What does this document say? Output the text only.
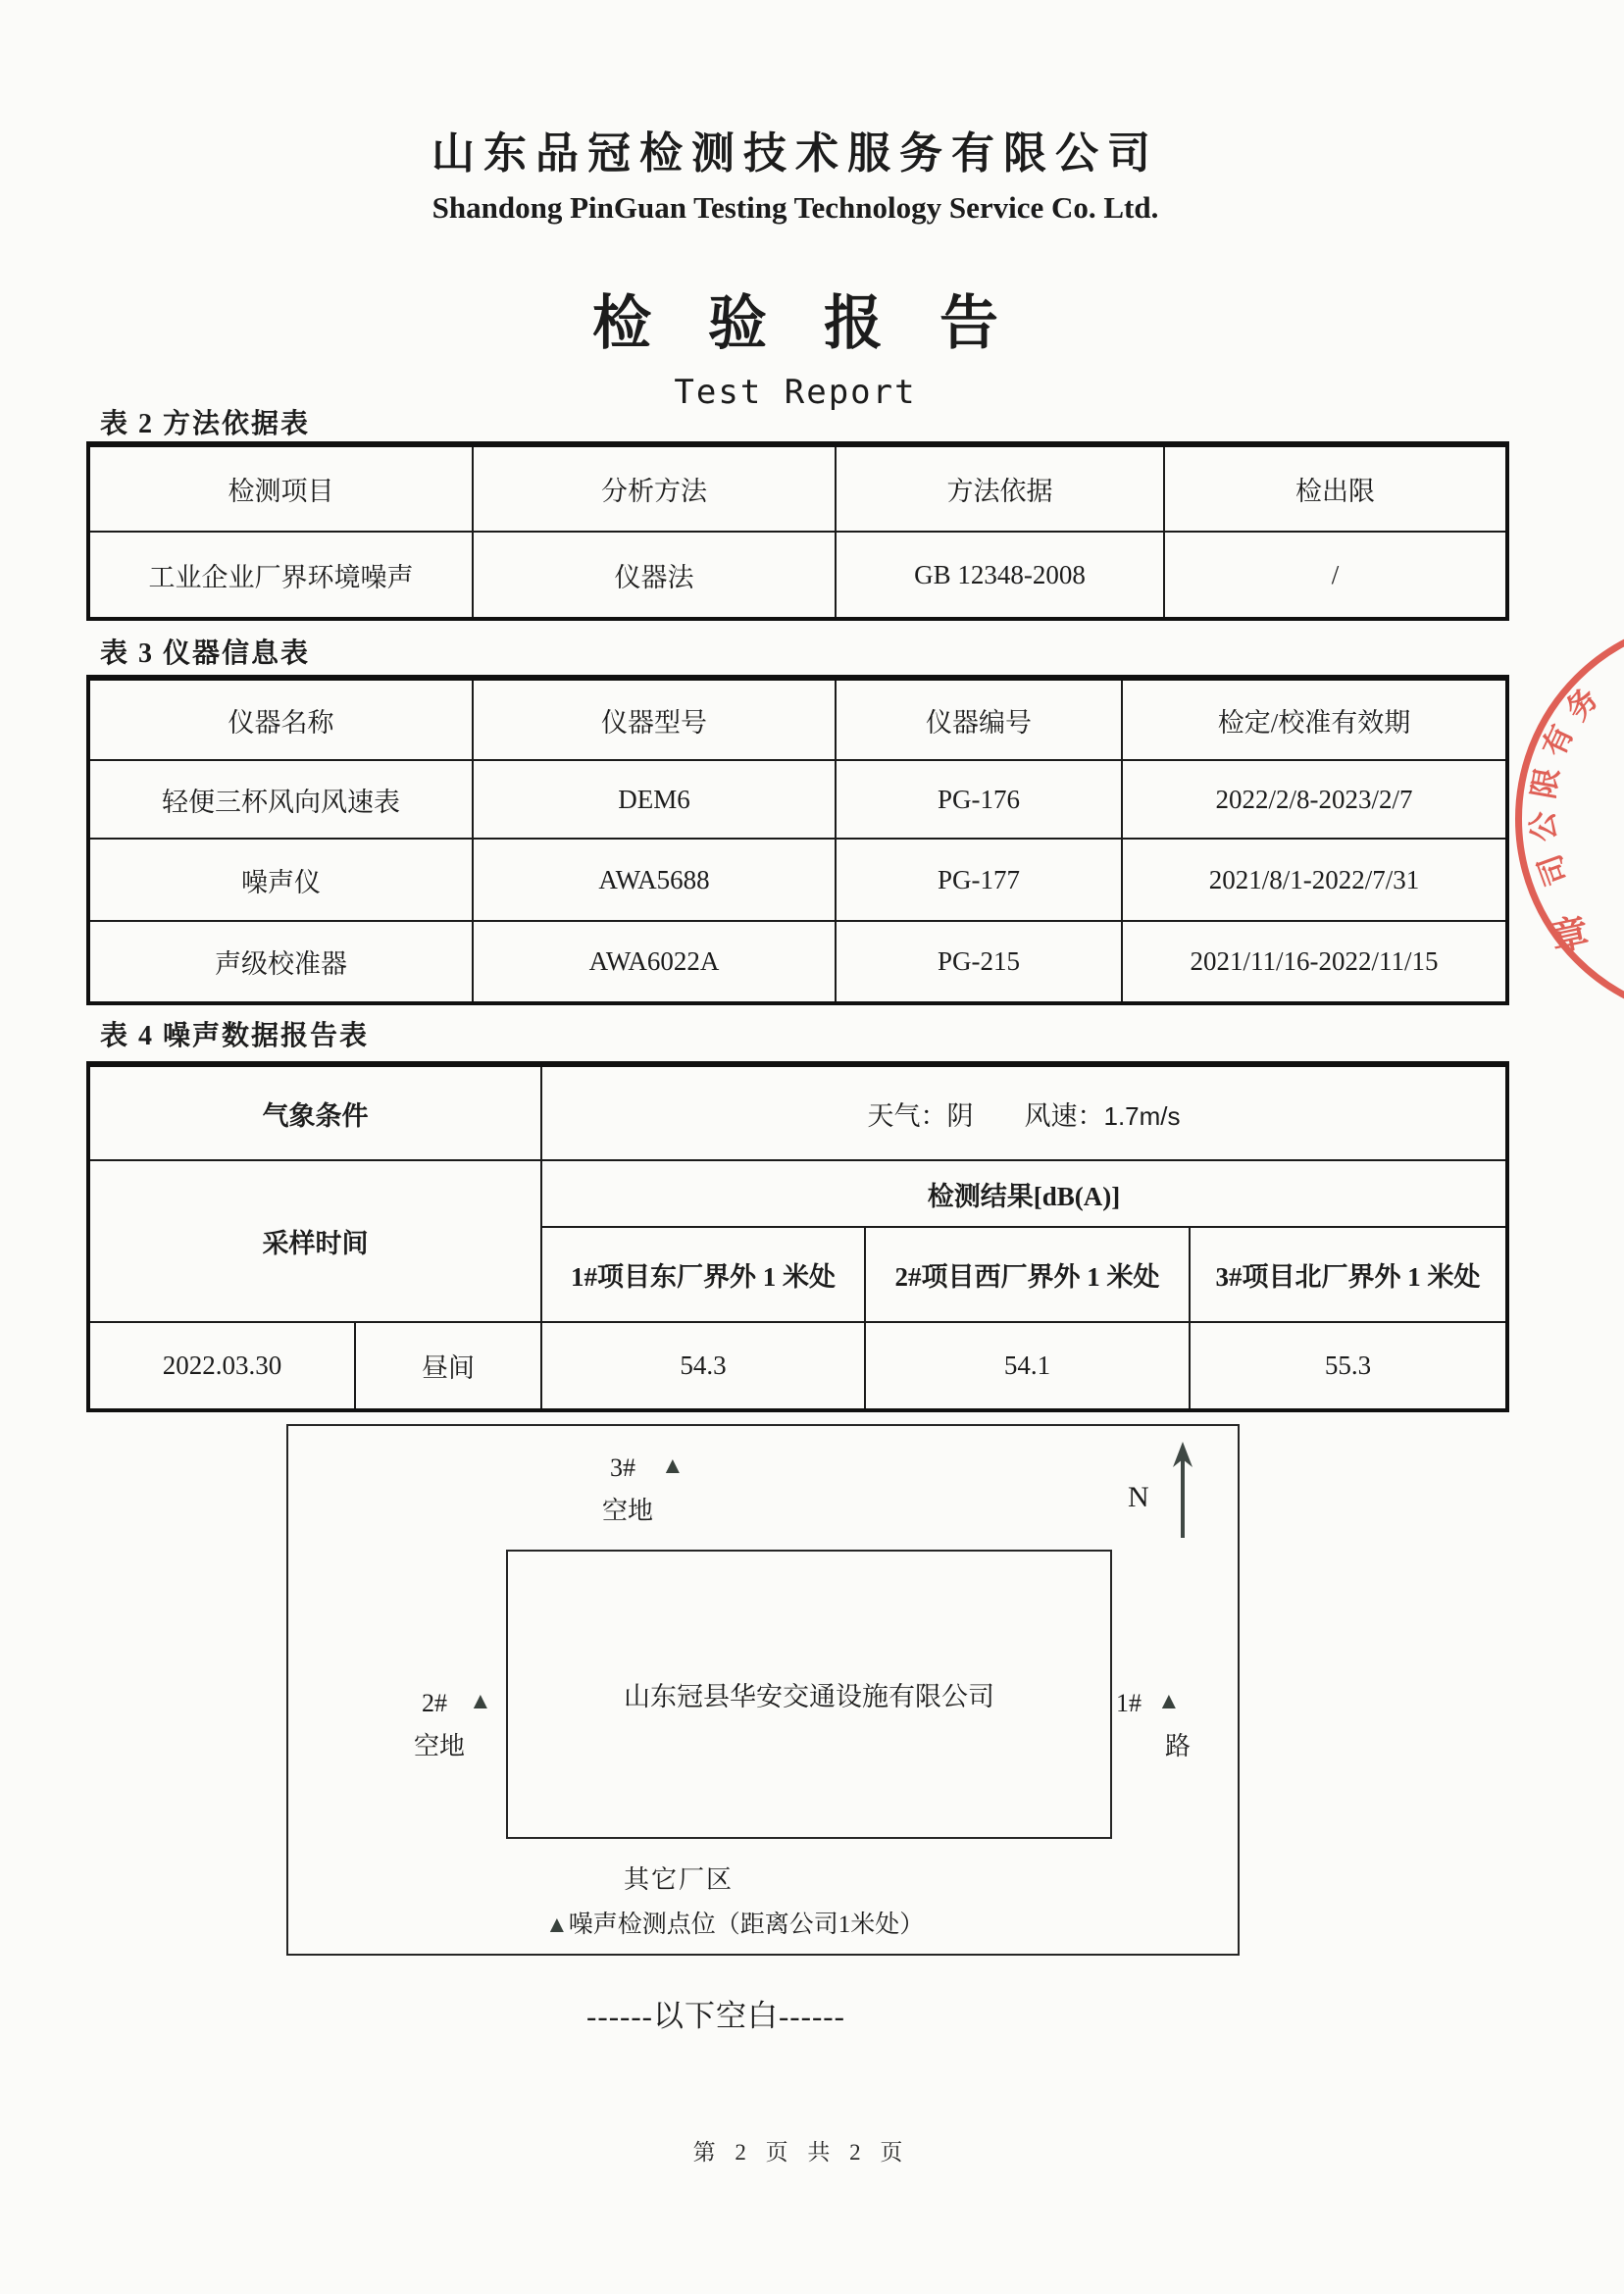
山东品冠检测技术服务有限公司
Shandong PinGuan Testing Technology Service Co. Ltd.
检验报告
Test Report
表 2 方法依据表
检测项目	分析方法	方法依据	检出限
工业企业厂界环境噪声	仪器法	GB 12348-2008	/
表 3 仪器信息表
仪器名称	仪器型号	仪器编号	检定/校准有效期
轻便三杯风向风速表	DEM6	PG-176	2022/2/8-2023/2/7
噪声仪	AWA5688	PG-177	2021/8/1-2022/7/31
声级校准器	AWA6022A	PG-215	2021/11/16-2022/11/15
表 4 噪声数据报告表
气象条件		天气：阴 风速：1.7m/s		
采样时间		检测结果[dB(A)]		
		1#项目东厂界外 1 米处	2#项目西厂界外 1 米处	3#项目北厂界外 1 米处
2022.03.30	昼间	54.3	54.1	55.3
山东冠县华安交通设施有限公司
3# ▲
空地
2# ▲
空地
1# ▲
路
N
其它厂区
▲噪声检测点位（距离公司1米处）
------以下空白------
第 2 页 共 2 页
务
有
限
公
司
章
